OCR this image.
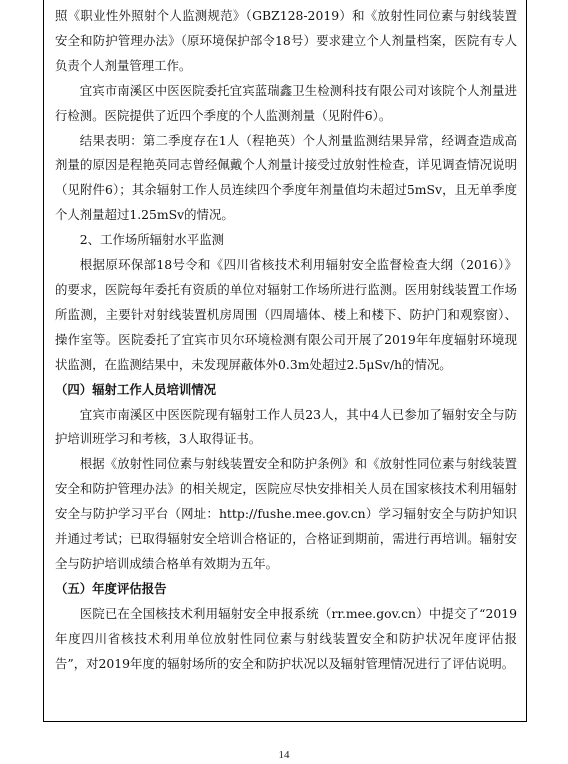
照《职业性外照射个人监测规范》（GBZ128-2019）和《放射性同位素与射线装置安全和防护管理办法》（原环境保护部令18号）要求建立个人剂量档案，医院有专人负责个人剂量管理工作。

宜宾市南溪区中医医院委托宜宾蓝瑞鑫卫生检测科技有限公司对该院个人剂量进行检测。医院提供了近四个季度的个人监测剂量（见附件6）。

结果表明：第二季度存在1人（程艳英）个人剂量监测结果异常，经调查造成高剂量的原因是程艳英同志曾经佩戴个人剂量计接受过放射性检查，详见调查情况说明（见附件6）；其余辐射工作人员连续四个季度年剂量值均未超过5mSv，且无单季度个人剂量超过1.25mSv的情况。

2、工作场所辐射水平监测

根据原环保部18号令和《四川省核技术利用辐射安全监督检查大纲（2016）》的要求，医院每年委托有资质的单位对辐射工作场所进行监测。医用射线装置工作场所监测，主要针对射线装置机房周围（四周墙体、楼上和楼下、防护门和观察窗）、操作室等。医院委托了宜宾市贝尔环境检测有限公司开展了2019年年度辐射环境现状监测，在监测结果中，未发现屏蔽体外0.3m处超过2.5μSv/h的情况。

（四）辐射工作人员培训情况

宜宾市南溪区中医医院现有辐射工作人员23人，其中4人已参加了辐射安全与防护培训班学习和考核，3人取得证书。

根据《放射性同位素与射线装置安全和防护条例》和《放射性同位素与射线装置安全和防护管理办法》的相关规定，医院应尽快安排相关人员在国家核技术利用辐射安全与防护学习平台（网址：http://fushe.mee.gov.cn）学习辐射安全与防护知识并通过考试；已取得辐射安全培训合格证的，合格证到期前，需进行再培训。辐射安全与防护培训成绩合格单有效期为五年。

（五）年度评估报告

医院已在全国核技术利用辐射安全申报系统（rr.mee.gov.cn）中提交了“2019年度四川省核技术利用单位放射性同位素与射线装置安全和防护状况年度评估报告”，对2019年度的辐射场所的安全和防护状况以及辐射管理情况进行了评估说明。

14
